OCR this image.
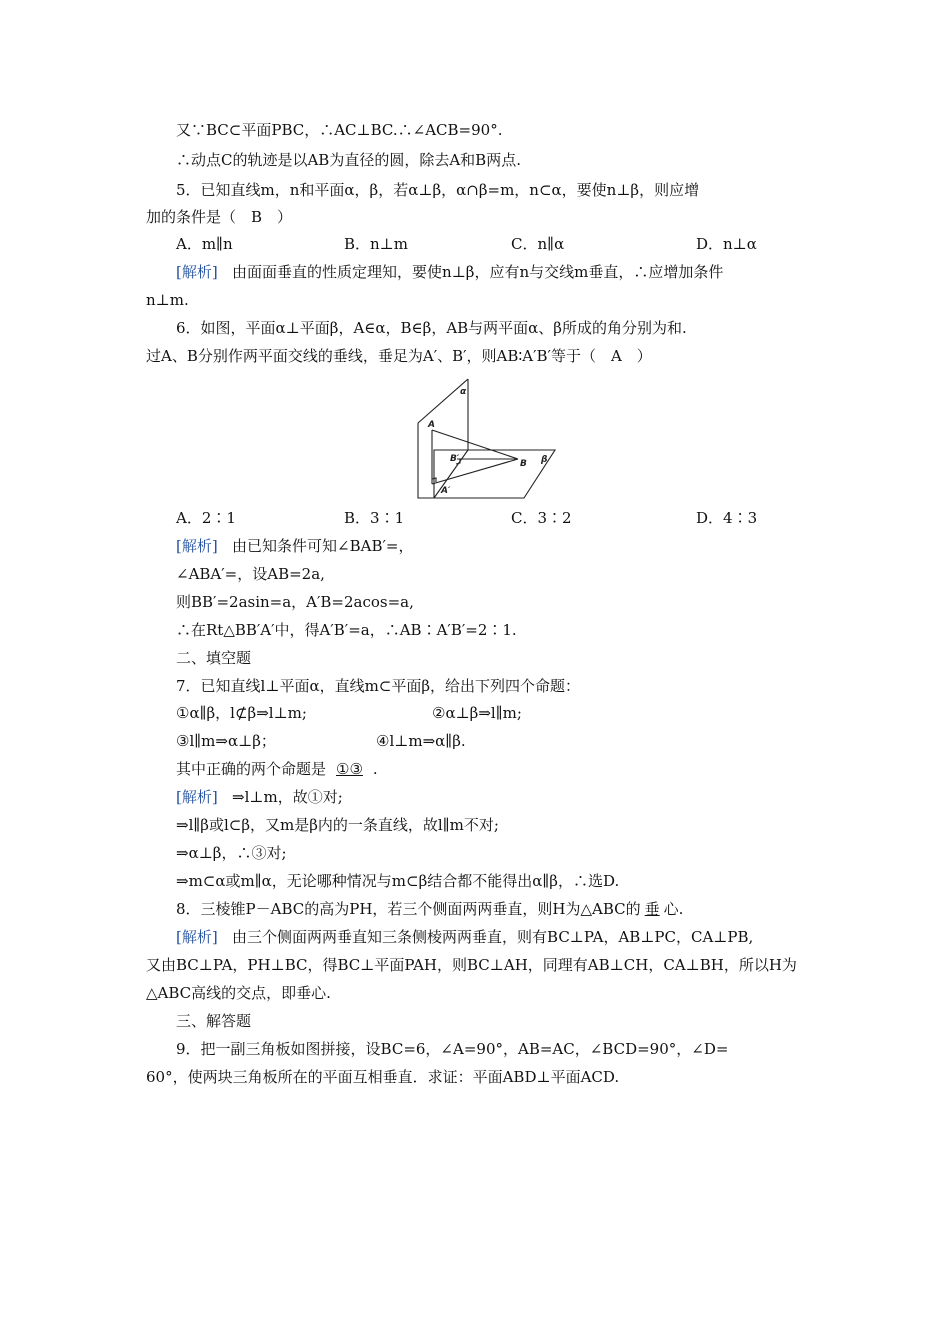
又∵BC⊂平面PBC，∴AC⊥BC.∴∠ACB=90°.
∴动点C的轨迹是以AB为直径的圆，除去A和B两点.
5．已知直线m，n和平面α，β，若α⊥β，α∩β=m，n⊂α，要使n⊥β，则应增
加的条件是（　B　）
A．m∥n	B．n⊥m	C．n∥α	D．n⊥α
[解析] 由面面垂直的性质定理知，要使n⊥β，应有n与交线m垂直，∴应增加条件
n⊥m.
6．如图，平面α⊥平面β，A∈α，B∈β，AB与两平面α、β所成的角分别为和.
过A、B分别作两平面交线的垂线，垂足为A′、B′，则AB∶A′B′等于（　A　）
α
A
B′	B β
A′
A．2∶1	B．3∶1	C．3∶2	D．4∶3
[解析] 由已知条件可知∠BAB′=，
∠ABA′=，设AB=2a,
则BB′=2asin=a，A′B=2acos=a,
∴在Rt△BB′A′中，得A′B′=a，∴AB∶A′B′=2∶1.
二、填空题
7．已知直线l⊥平面α，直线m⊂平面β，给出下列四个命题：
①α∥β，l⊄β⇒l⊥m;	②α⊥β⇒l∥m;
③l∥m⇒α⊥β；	④l⊥m⇒α∥β.
其中正确的两个命题是 ①③ .
[解析] ⇒l⊥m，故①对;
⇒l∥β或l⊂β，又m是β内的一条直线，故l∥m不对;
⇒α⊥β，∴③对;
⇒m⊂α或m∥α，无论哪种情况与m⊂β结合都不能得出α∥β，∴选D.
8．三棱锥P－ABC的高为PH，若三个侧面两两垂直，则H为△ABC的 垂 心.
[解析] 由三个侧面两两垂直知三条侧棱两两垂直，则有BC⊥PA，AB⊥PC，CA⊥PB,
又由BC⊥PA，PH⊥BC，得BC⊥平面PAH，则BC⊥AH，同理有AB⊥CH，CA⊥BH，所以H为
△ABC高线的交点，即垂心.
三、解答题
9．把一副三角板如图拼接，设BC=6，∠A=90°，AB=AC，∠BCD=90°，∠D=
60°，使两块三角板所在的平面互相垂直．求证：平面ABD⊥平面ACD.
